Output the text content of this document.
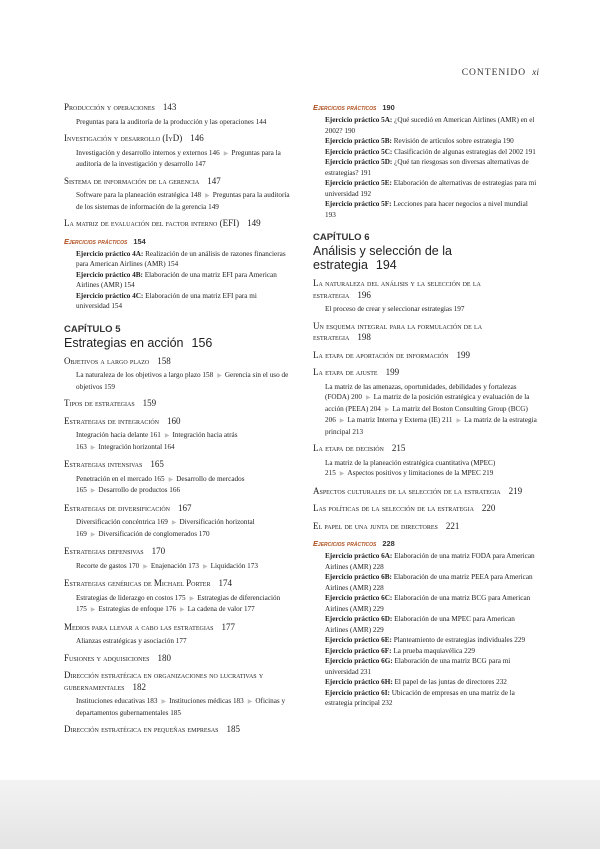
CONTENIDO xi
Producción y operaciones 143
Preguntas para la auditoría de la producción y las operaciones 144
Investigación y desarrollo (IyD) 146
Investigación y desarrollo internos y externos 146 ▶ Preguntas para la auditoría de la investigación y desarrollo 147
Sistema de información de la gerencia 147
Software para la planeación estratégica 148 ▶ Preguntas para la auditoría de los sistemas de información de la gerencia 149
La matriz de evaluación del factor interno (EFI) 149
Ejercicios prácticos 154
Ejercicio práctico 4A: Realización de un análisis de razones financieras para American Airlines (AMR) 154
Ejercicio práctico 4B: Elaboración de una matriz EFI para American Airlines (AMR) 154
Ejercicio práctico 4C: Elaboración de una matriz EFI para mi universidad 154
CAPÍTULO 5
Estrategias en acción 156
Objetivos a largo plazo 158
La naturaleza de los objetivos a largo plazo 158 ▶ Gerencia sin el uso de objetivos 159
Tipos de estrategias 159
Estrategias de integración 160
Integración hacia delante 161 ▶ Integración hacia atrás 163 ▶ Integración horizontal 164
Estrategias intensivas 165
Penetración en el mercado 165 ▶ Desarrollo de mercados 165 ▶ Desarrollo de productos 166
Estrategias de diversificación 167
Diversificación concéntrica 169 ▶ Diversificación horizontal 169 ▶ Diversificación de conglomerados 170
Estrategias defensivas 170
Recorte de gastos 170 ▶ Enajenación 173 ▶ Liquidación 173
Estrategias genéricas de Michael Porter 174
Estrategias de liderazgo en costos 175 ▶ Estrategias de diferenciación 175 ▶ Estrategias de enfoque 176 ▶ La cadena de valor 177
Medios para llevar a cabo las estrategias 177
Alianzas estratégicas y asociación 177
Fusiones y adquisiciones 180
Dirección estratégica en organizaciones no lucrativas y gubernamentales 182
Instituciones educativas 183 ▶ Instituciones médicas 183 ▶ Oficinas y departamentos gubernamentales 185
Dirección estratégica en pequeñas empresas 185
Ejercicios prácticos 190
Ejercicio práctico 5A: ¿Qué sucedió en American Airlines (AMR) en el 2002? 190
Ejercicio práctico 5B: Revisión de artículos sobre estrategia 190
Ejercicio práctico 5C: Clasificación de algunas estrategias del 2002 191
Ejercicio práctico 5D: ¿Qué tan riesgosas son diversas alternativas de estrategias? 191
Ejercicio práctico 5E: Elaboración de alternativas de estrategias para mi universidad 192
Ejercicio práctico 5F: Lecciones para hacer negocios a nivel mundial 193
CAPÍTULO 6
Análisis y selección de la estrategia 194
La naturaleza del análisis y la selección de la estrategia 196
El proceso de crear y seleccionar estrategias 197
Un esquema integral para la formulación de la estrategia 198
La etapa de aportación de información 199
La etapa de ajuste 199
La matriz de las amenazas, oportunidades, debilidades y fortalezas (FODA) 200 ▶ La matriz de la posición estratégica y evaluación de la acción (PEEA) 204 ▶ La matriz del Boston Consulting Group (BCG) 206 ▶ La matriz Interna y Externa (IE) 211 ▶ La matriz de la estrategia principal 213
La etapa de decisión 215
La matriz de la planeación estratégica cuantitativa (MPEC) 215 ▶ Aspectos positivos y limitaciones de la MPEC 219
Aspectos culturales de la selección de la estrategia 219
Las políticas de la selección de la estrategia 220
El papel de una junta de directores 221
Ejercicios prácticos 228
Ejercicio práctico 6A: Elaboración de una matriz FODA para American Airlines (AMR) 228
Ejercicio práctico 6B: Elaboración de una matriz PEEA para American Airlines (AMR) 228
Ejercicio práctico 6C: Elaboración de una matriz BCG para American Airlines (AMR) 229
Ejercicio práctico 6D: Elaboración de una MPEC para American Airlines (AMR) 229
Ejercicio práctico 6E: Planteamiento de estrategias individuales 229
Ejercicio práctico 6F: La prueba maquiavélica 229
Ejercicio práctico 6G: Elaboración de una matriz BCG para mi universidad 231
Ejercicio práctico 6H: El papel de las juntas de directores 232
Ejercicio práctico 6I: Ubicación de empresas en una matriz de la estrategia principal 232
